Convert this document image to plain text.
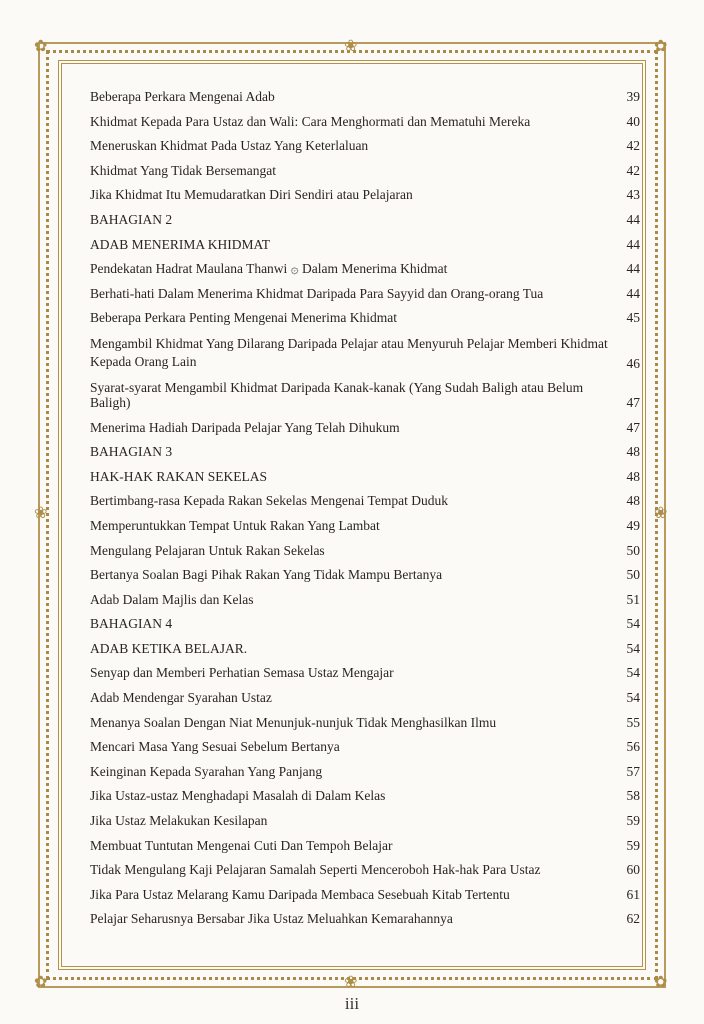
✿	✿
✿	✿
❀
❀
❀	❀
Beberapa Perkara Mengenai Adab	39
Khidmat Kepada Para Ustaz dan Wali: Cara Menghormati dan Mematuhi Mereka	40
Meneruskan Khidmat Pada Ustaz Yang Keterlaluan	42
Khidmat Yang Tidak Bersemangat	42
Jika Khidmat Itu Memudaratkan Diri Sendiri atau Pelajaran	43
BAHAGIAN 2	44
ADAB MENERIMA KHIDMAT	44
Pendekatan Hadrat Maulana Thanwi ۞ Dalam Menerima Khidmat	44
Berhati-hati Dalam Menerima Khidmat Daripada Para Sayyid dan Orang-orang Tua	44
Beberapa Perkara Penting Mengenai Menerima Khidmat	45
Mengambil Khidmat Yang Dilarang Daripada Pelajar atau Menyuruh Pelajar Memberi Khidmat Kepada Orang Lain	46
Syarat-syarat Mengambil Khidmat Daripada Kanak-kanak (Yang Sudah Baligh atau Belum Baligh)	47
Menerima Hadiah Daripada Pelajar Yang Telah Dihukum	47
BAHAGIAN 3	48
HAK-HAK RAKAN SEKELAS	48
Bertimbang-rasa Kepada Rakan Sekelas Mengenai Tempat Duduk	48
Memperuntukkan Tempat Untuk Rakan Yang Lambat	49
Mengulang Pelajaran Untuk Rakan Sekelas	50
Bertanya Soalan Bagi Pihak Rakan Yang Tidak Mampu Bertanya	50
Adab Dalam Majlis dan Kelas	51
BAHAGIAN 4	54
ADAB KETIKA BELAJAR.	54
Senyap dan Memberi Perhatian Semasa Ustaz Mengajar	54
Adab Mendengar Syarahan Ustaz	54
Menanya Soalan Dengan Niat Menunjuk-nunjuk Tidak Menghasilkan Ilmu	55
Mencari Masa Yang Sesuai Sebelum Bertanya	56
Keinginan Kepada Syarahan Yang Panjang	57
Jika Ustaz-ustaz Menghadapi Masalah di Dalam Kelas	58
Jika Ustaz Melakukan Kesilapan	59
Membuat Tuntutan Mengenai Cuti Dan Tempoh Belajar	59
Tidak Mengulang Kaji Pelajaran Samalah Seperti Menceroboh Hak-hak Para Ustaz	60
Jika Para Ustaz Melarang Kamu Daripada Membaca Sesebuah Kitab Tertentu	61
Pelajar Seharusnya Bersabar Jika Ustaz Meluahkan Kemarahannya	62
iii
